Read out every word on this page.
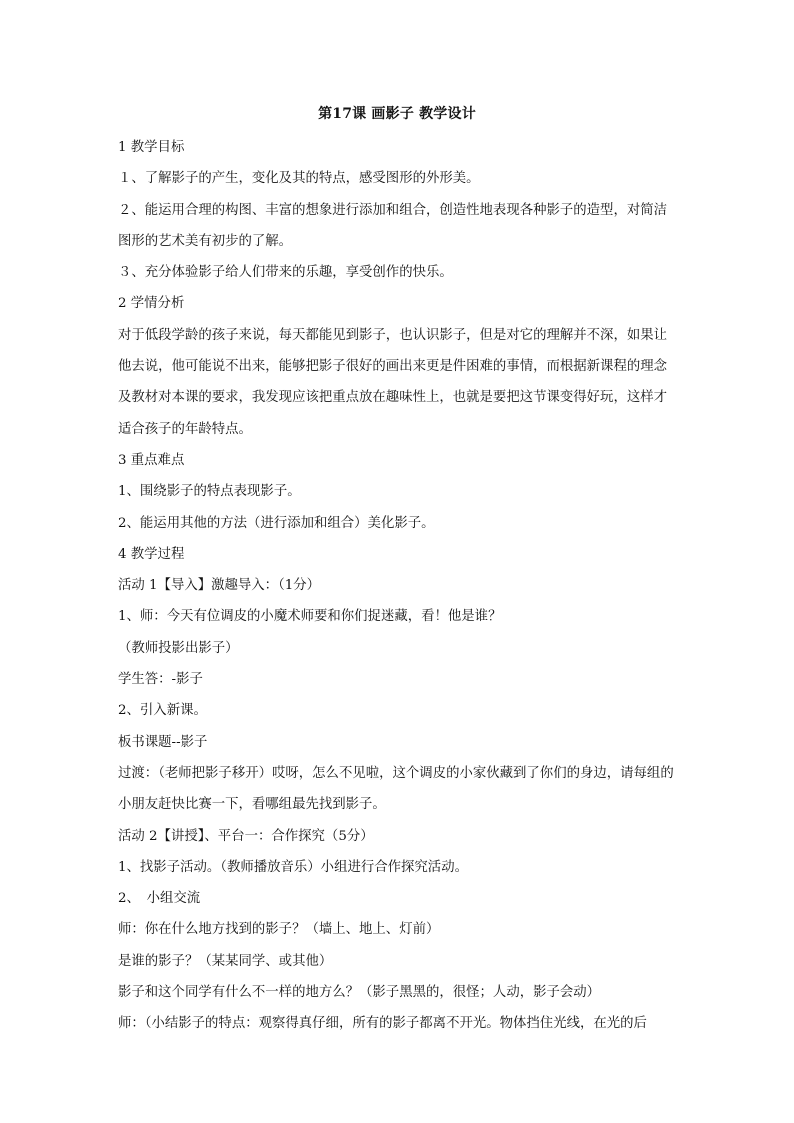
第17课 画影子 教学设计

1 教学目标

１、了解影子的产生，变化及其的特点，感受图形的外形美。

２、能运用合理的构图、丰富的想象进行添加和组合，创造性地表现各种影子的造型，对简洁图形的艺术美有初步的了解。

３、充分体验影子给人们带来的乐趣，享受创作的快乐。

2 学情分析

对于低段学龄的孩子来说，每天都能见到影子，也认识影子，但是对它的理解并不深，如果让他去说，他可能说不出来，能够把影子很好的画出来更是件困难的事情，而根据新课程的理念及教材对本课的要求，我发现应该把重点放在趣味性上，也就是要把这节课变得好玩，这样才适合孩子的年龄特点。

3 重点难点

1、围绕影子的特点表现影子。

2、能运用其他的方法（进行添加和组合）美化影子。

4 教学过程

活动 1【导入】激趣导入：（1分）

1、师：今天有位调皮的小魔术师要和你们捉迷藏，看！他是谁？

（教师投影出影子）

学生答：-影子

2、引入新课。

板书课题--影子

过渡：（老师把影子移开）哎呀，怎么不见啦，这个调皮的小家伙藏到了你们的身边，请每组的小朋友赶快比赛一下，看哪组最先找到影子。

活动 2【讲授】、平台一：合作探究（5分）

1、找影子活动。（教师播放音乐）小组进行合作探究活动。

2、　小组交流

师：你在什么地方找到的影子？（墙上、地上、灯前）

是谁的影子？（某某同学、或其他）

影子和这个同学有什么不一样的地方么？（影子黑黑的，很怪；人动，影子会动）

师：（小结影子的特点：观察得真仔细，所有的影子都离不开光。物体挡住光线，在光的后
